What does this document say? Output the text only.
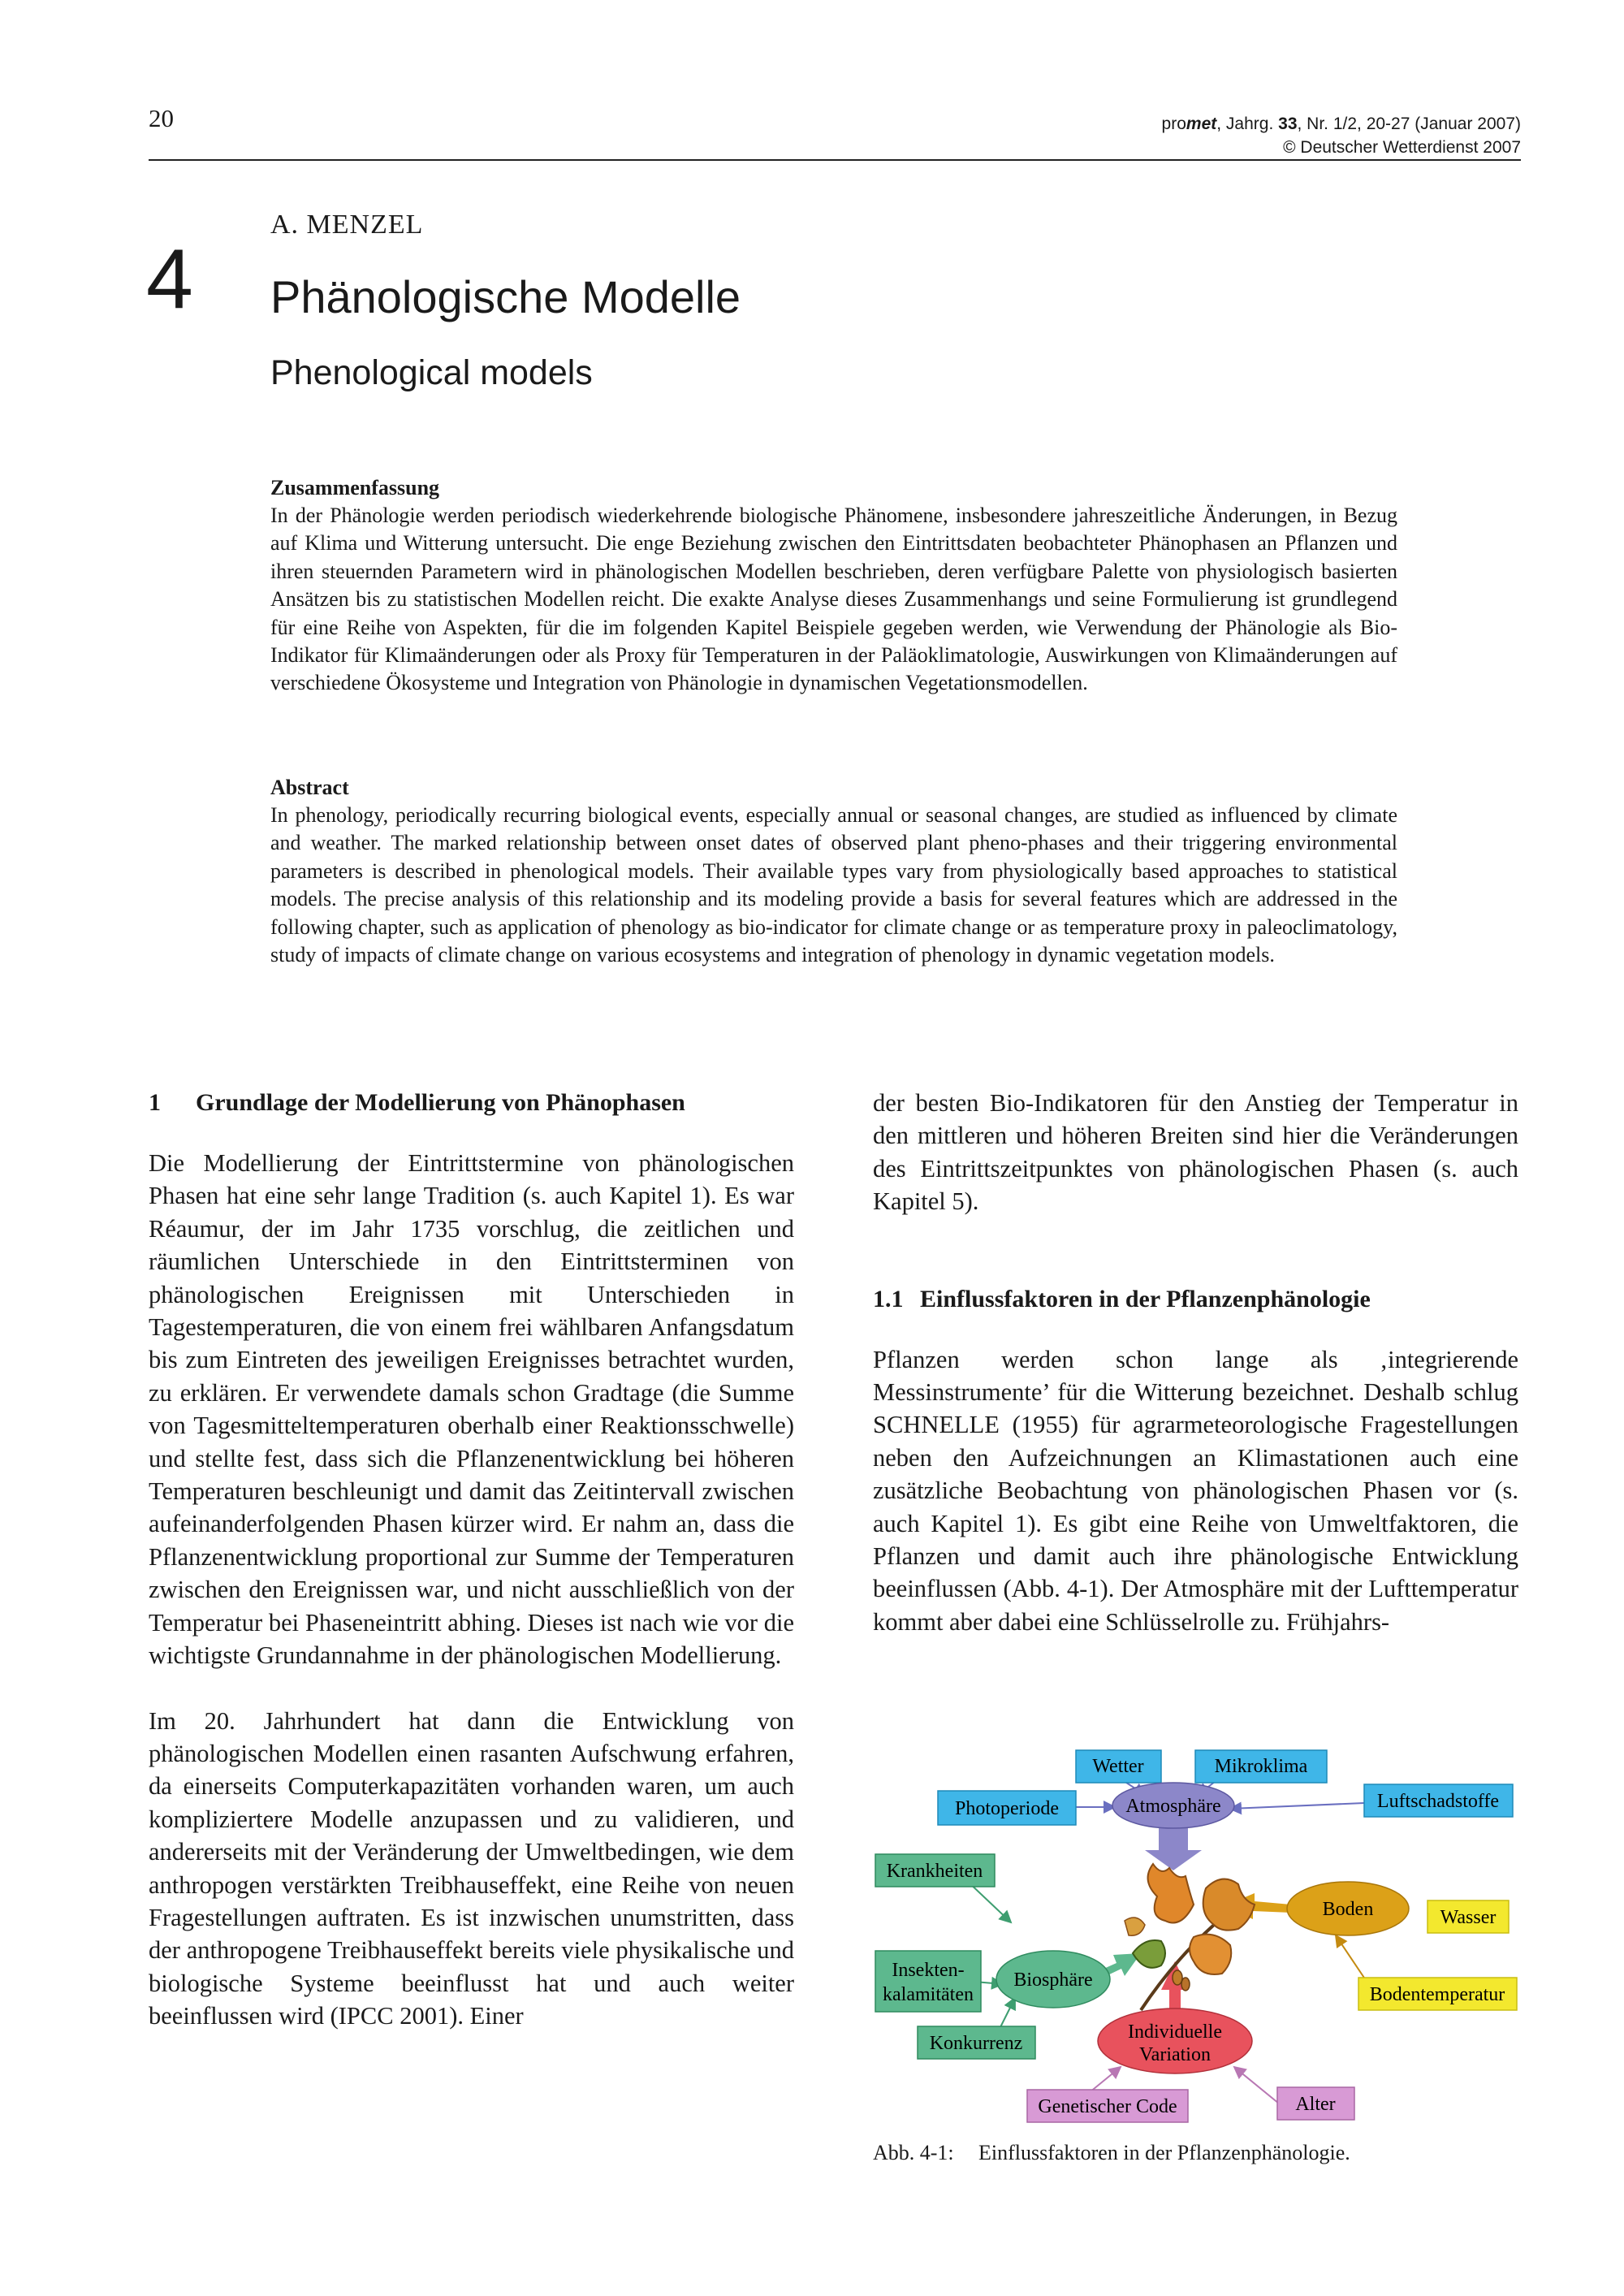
20	promet, Jahrg. 33, Nr. 1/2, 20-27 (Januar 2007)
© Deutscher Wetterdienst 2007
A. MENZEL
4 Phänologische Modelle
Phenological models
Zusammenfassung

In der Phänologie werden periodisch wiederkehrende biologische Phänomene, insbesondere jahreszeitliche Änderungen, in Bezug auf Klima und Witterung untersucht. Die enge Beziehung zwischen den Eintrittsdaten beobachteter Phänophasen an Pflanzen und ihren steuernden Parametern wird in phänologischen Modellen beschrieben, deren verfügbare Palette von physiologisch basierten Ansätzen bis zu statistischen Modellen reicht. Die exakte Analyse dieses Zusammenhangs und seine Formulierung ist grundlegend für eine Reihe von Aspekten, für die im folgenden Kapitel Beispiele gegeben werden, wie Verwendung der Phänologie als Bio-Indikator für Klimaänderungen oder als Proxy für Temperaturen in der Paläoklimatologie, Auswirkungen von Klimaänderungen auf verschiedene Ökosysteme und Integration von Phänologie in dynamischen Vegetationsmodellen.

Abstract

In phenology, periodically recurring biological events, especially annual or seasonal changes, are studied as influenced by climate and weather. The marked relationship between onset dates of observed plant pheno-phases and their triggering environmental parameters is described in phenological models. Their available types vary from physiologically based approaches to statistical models. The precise analysis of this relationship and its modeling provide a basis for several features which are addressed in the following chapter, such as application of phenology as bio-indicator for climate change or as temperature proxy in paleoclimatology, study of impacts of climate change on various ecosystems and integration of phenology in dynamic vegetation models.

1 Grundlage der Modellierung von Phänophasen

Die Modellierung der Eintrittstermine von phänologischen Phasen hat eine sehr lange Tradition (s. auch Kapitel 1). Es war Réaumur, der im Jahr 1735 vorschlug, die zeitlichen und räumlichen Unterschiede in den Eintrittsterminen von phänologischen Ereignissen mit Unterschieden in Tagestemperaturen, die von einem frei wählbaren Anfangsdatum bis zum Eintreten des jeweiligen Ereignisses betrachtet wurden, zu erklären. Er verwendete damals schon Gradtage (die Summe von Tagesmitteltemperaturen oberhalb einer Reaktionsschwelle) und stellte fest, dass sich die Pflanzenentwicklung bei höheren Temperaturen beschleunigt und damit das Zeitintervall zwischen aufeinanderfolgenden Phasen kürzer wird. Er nahm an, dass die Pflanzenentwicklung proportional zur Summe der Temperaturen zwischen den Ereignissen war, und nicht ausschließlich von der Temperatur bei Phaseneintritt abhing. Dieses ist nach wie vor die wichtigste Grundannahme in der phänologischen Modellierung.

Im 20. Jahrhundert hat dann die Entwicklung von phänologischen Modellen einen rasanten Aufschwung erfahren, da einerseits Computerkapazitäten vorhanden waren, um auch kompliziertere Modelle anzupassen und zu validieren, und andererseits mit der Veränderung der Umweltbedingen, wie dem anthropogen verstärkten Treibhauseffekt, eine Reihe von neuen Fragestellungen auftraten. Es ist inzwischen unumstritten, dass der anthropogene Treibhauseffekt bereits viele physikalische und biologische Systeme beeinflusst hat und auch weiter beeinflussen wird (IPCC 2001). Einer

der besten Bio-Indikatoren für den Anstieg der Temperatur in den mittleren und höheren Breiten sind hier die Veränderungen des Eintrittszeitpunktes von phänologischen Phasen (s. auch Kapitel 5).

1.1 Einflussfaktoren in der Pflanzenphänologie

Pflanzen werden schon lange als ‚integrierende Messinstrumente’ für die Witterung bezeichnet. Deshalb schlug SCHNELLE (1955) für agrarmeteorologische Fragestellungen neben den Aufzeichnungen an Klimastationen auch eine zusätzliche Beobachtung von phänologischen Phasen vor (s. auch Kapitel 1). Es gibt eine Reihe von Umweltfaktoren, die Pflanzen und damit auch ihre phänologische Entwicklung beeinflussen (Abb. 4-1). Der Atmosphäre mit der Lufttemperatur kommt aber dabei eine Schlüsselrolle zu. Frühjahrs-

Wetter	Mikroklima
Photoperiode	Atmosphäre	Luftschadstoffe
Krankheiten
Boden	Wasser
Insekten-
kalamitäten
Biosphäre
Bodentemperatur
Konkurrenz
Individuelle
Variation
Genetischer Code	Alter
Abb. 4-1: Einflussfaktoren in der Pflanzenphänologie.
